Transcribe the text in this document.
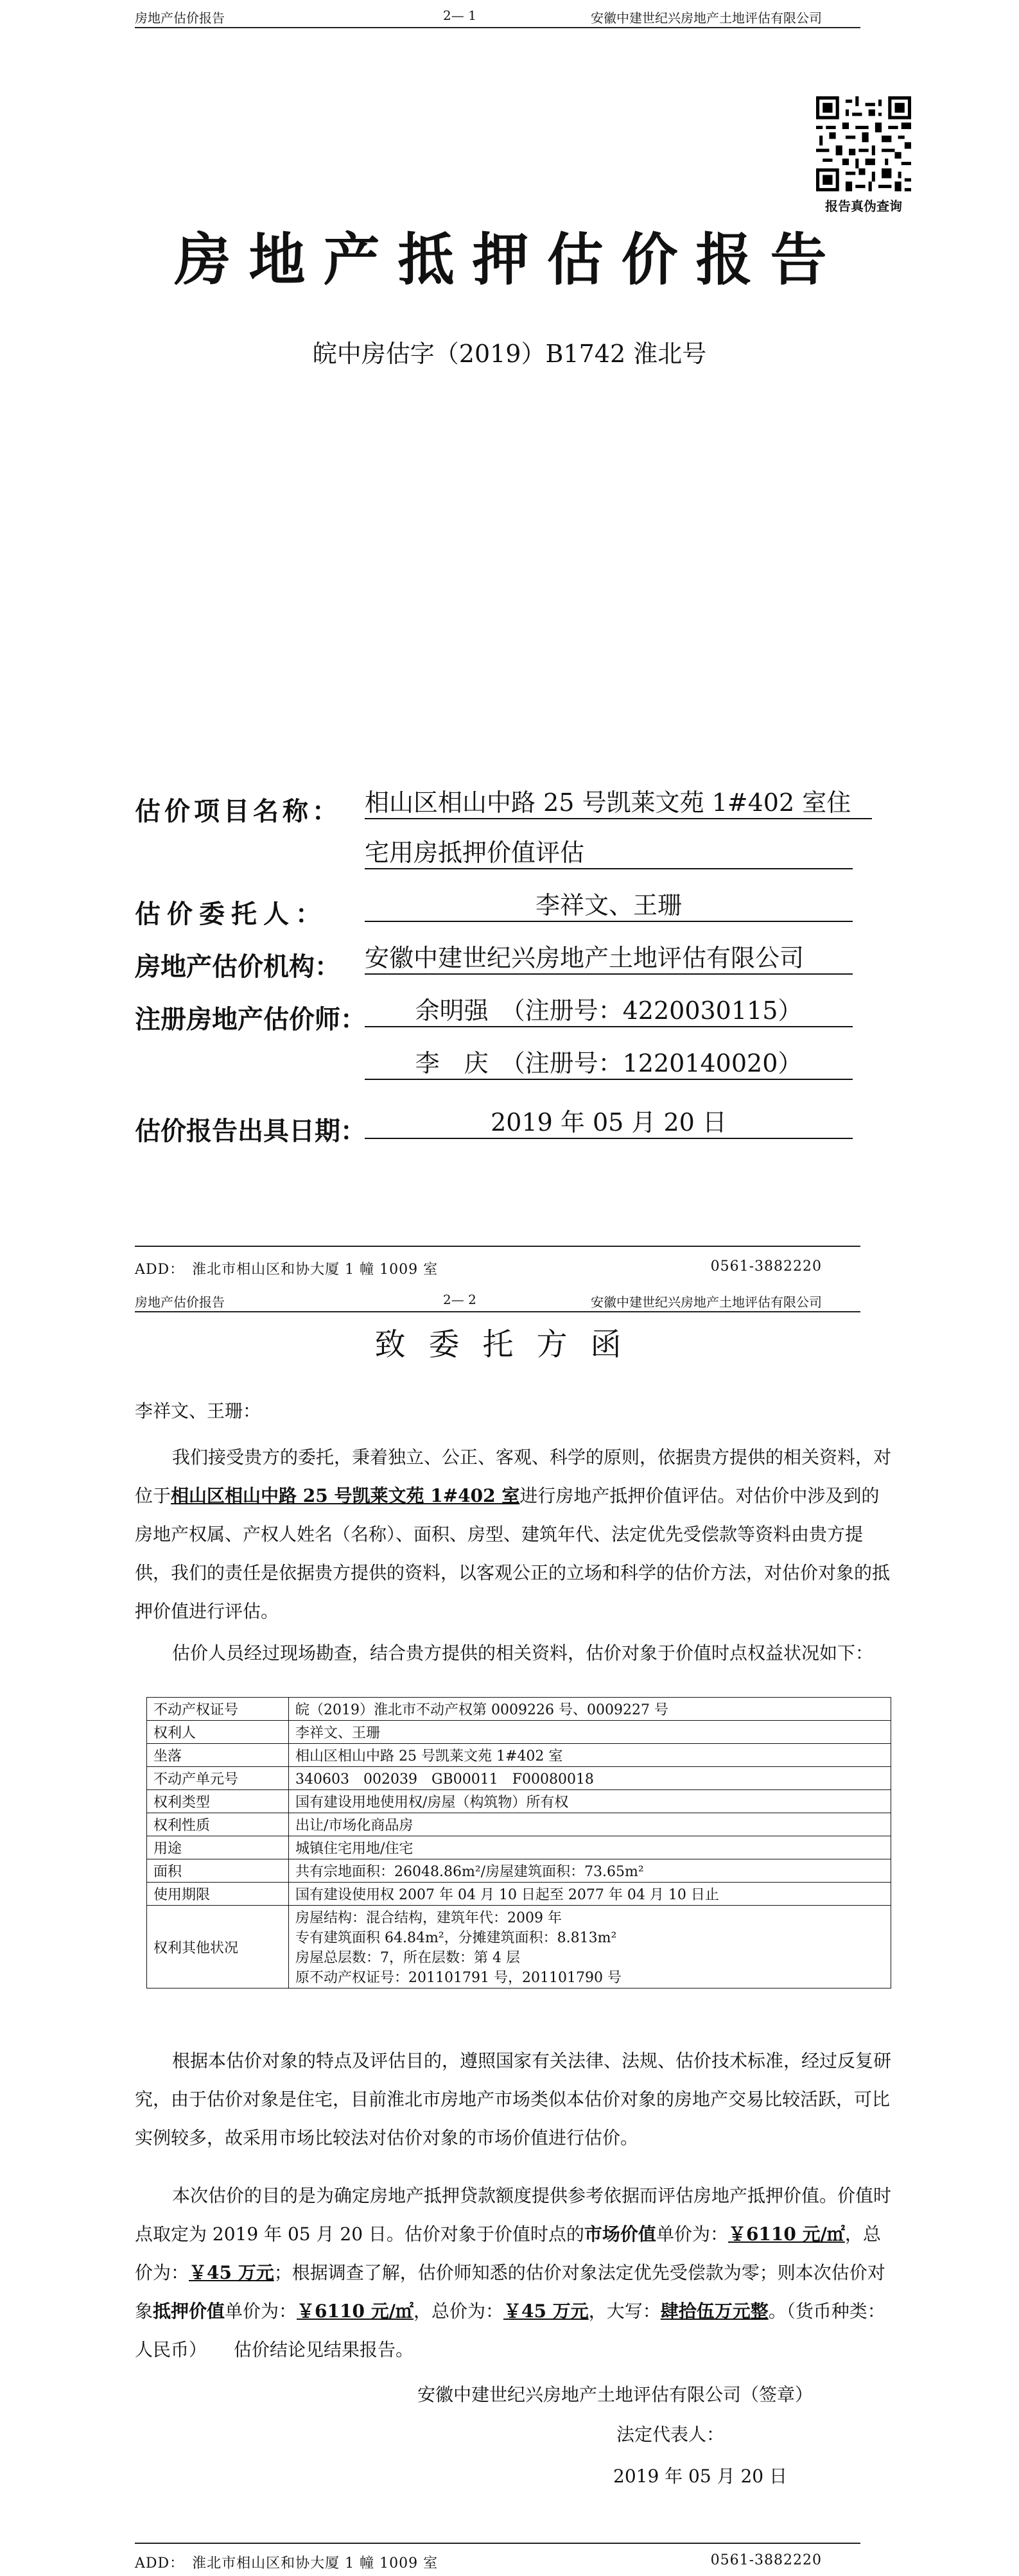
房地产估价报告	2— 1	安徽中建世纪兴房地产土地评估有限公司
报告真伪查询
房地产抵押估价报告
皖中房估字（2019）B1742 淮北号
估价项目名称： 相山区相山中路 25 号凯莱文苑 1#402 室住
宅用房抵押价值评估
估价委托人：	李祥文、王珊
房地产估价机构： 安徽中建世纪兴房地产土地评估有限公司
注册房地产估价师：	余明强　（注册号：4220030115）
李　庆　（注册号：1220140020）
估价报告出具日期：	2019 年 05 月 20 日
ADD：　淮北市相山区和协大厦 1 幢 1009 室	0561-3882220
房地产估价报告	2— 2	安徽中建世纪兴房地产土地评估有限公司
致委托方函
李祥文、王珊：
我们接受贵方的委托，秉着独立、公正、客观、科学的原则，依据贵方提供的相关资料，对位于相山区相山中路 25 号凯莱文苑 1#402 室进行房地产抵押价值评估。对估价中涉及到的房地产权属、产权人姓名（名称）、面积、房型、建筑年代、法定优先受偿款等资料由贵方提供，我们的责任是依据贵方提供的资料，以客观公正的立场和科学的估价方法，对估价对象的抵押价值进行评估。
估价人员经过现场勘查，结合贵方提供的相关资料，估价对象于价值时点权益状况如下：
不动产权证号	皖（2019）淮北市不动产权第 0009226 号、0009227 号
权利人	李祥文、王珊
坐落	相山区相山中路 25 号凯莱文苑 1#402 室
不动产单元号	340603　002039　GB00011　F00080018
权利类型	国有建设用地使用权/房屋（构筑物）所有权
权利性质	出让/市场化商品房
用途	城镇住宅用地/住宅
面积	共有宗地面积：26048.86m²/房屋建筑面积：73.65m²
使用期限	国有建设使用权 2007 年 04 月 10 日起至 2077 年 04 月 10 日止
权利其他状况	房屋结构：混合结构，建筑年代：2009 年
专有建筑面积 64.84m²，分摊建筑面积：8.813m²
房屋总层数：7，所在层数：第 4 层
原不动产权证号：201101791 号，201101790 号
根据本估价对象的特点及评估目的，遵照国家有关法律、法规、估价技术标准，经过反复研究，由于估价对象是住宅，目前淮北市房地产市场类似本估价对象的房地产交易比较活跃，可比实例较多，故采用市场比较法对估价对象的市场价值进行估价。
本次估价的目的是为确定房地产抵押贷款额度提供参考依据而评估房地产抵押价值。价值时点取定为 2019 年 05 月 20 日。估价对象于价值时点的市场价值单价为：￥6110 元/㎡，总价为：￥45 万元；根据调查了解，估价师知悉的估价对象法定优先受偿款为零；则本次估价对象抵押价值单价为：￥6110 元/㎡，总价为：￥45 万元，大写：肆拾伍万元整。（货币种类：人民币）　　估价结论见结果报告。
安徽中建世纪兴房地产土地评估有限公司（签章）
法定代表人：
2019 年 05 月 20 日
ADD：　淮北市相山区和协大厦 1 幢 1009 室	0561-3882220
